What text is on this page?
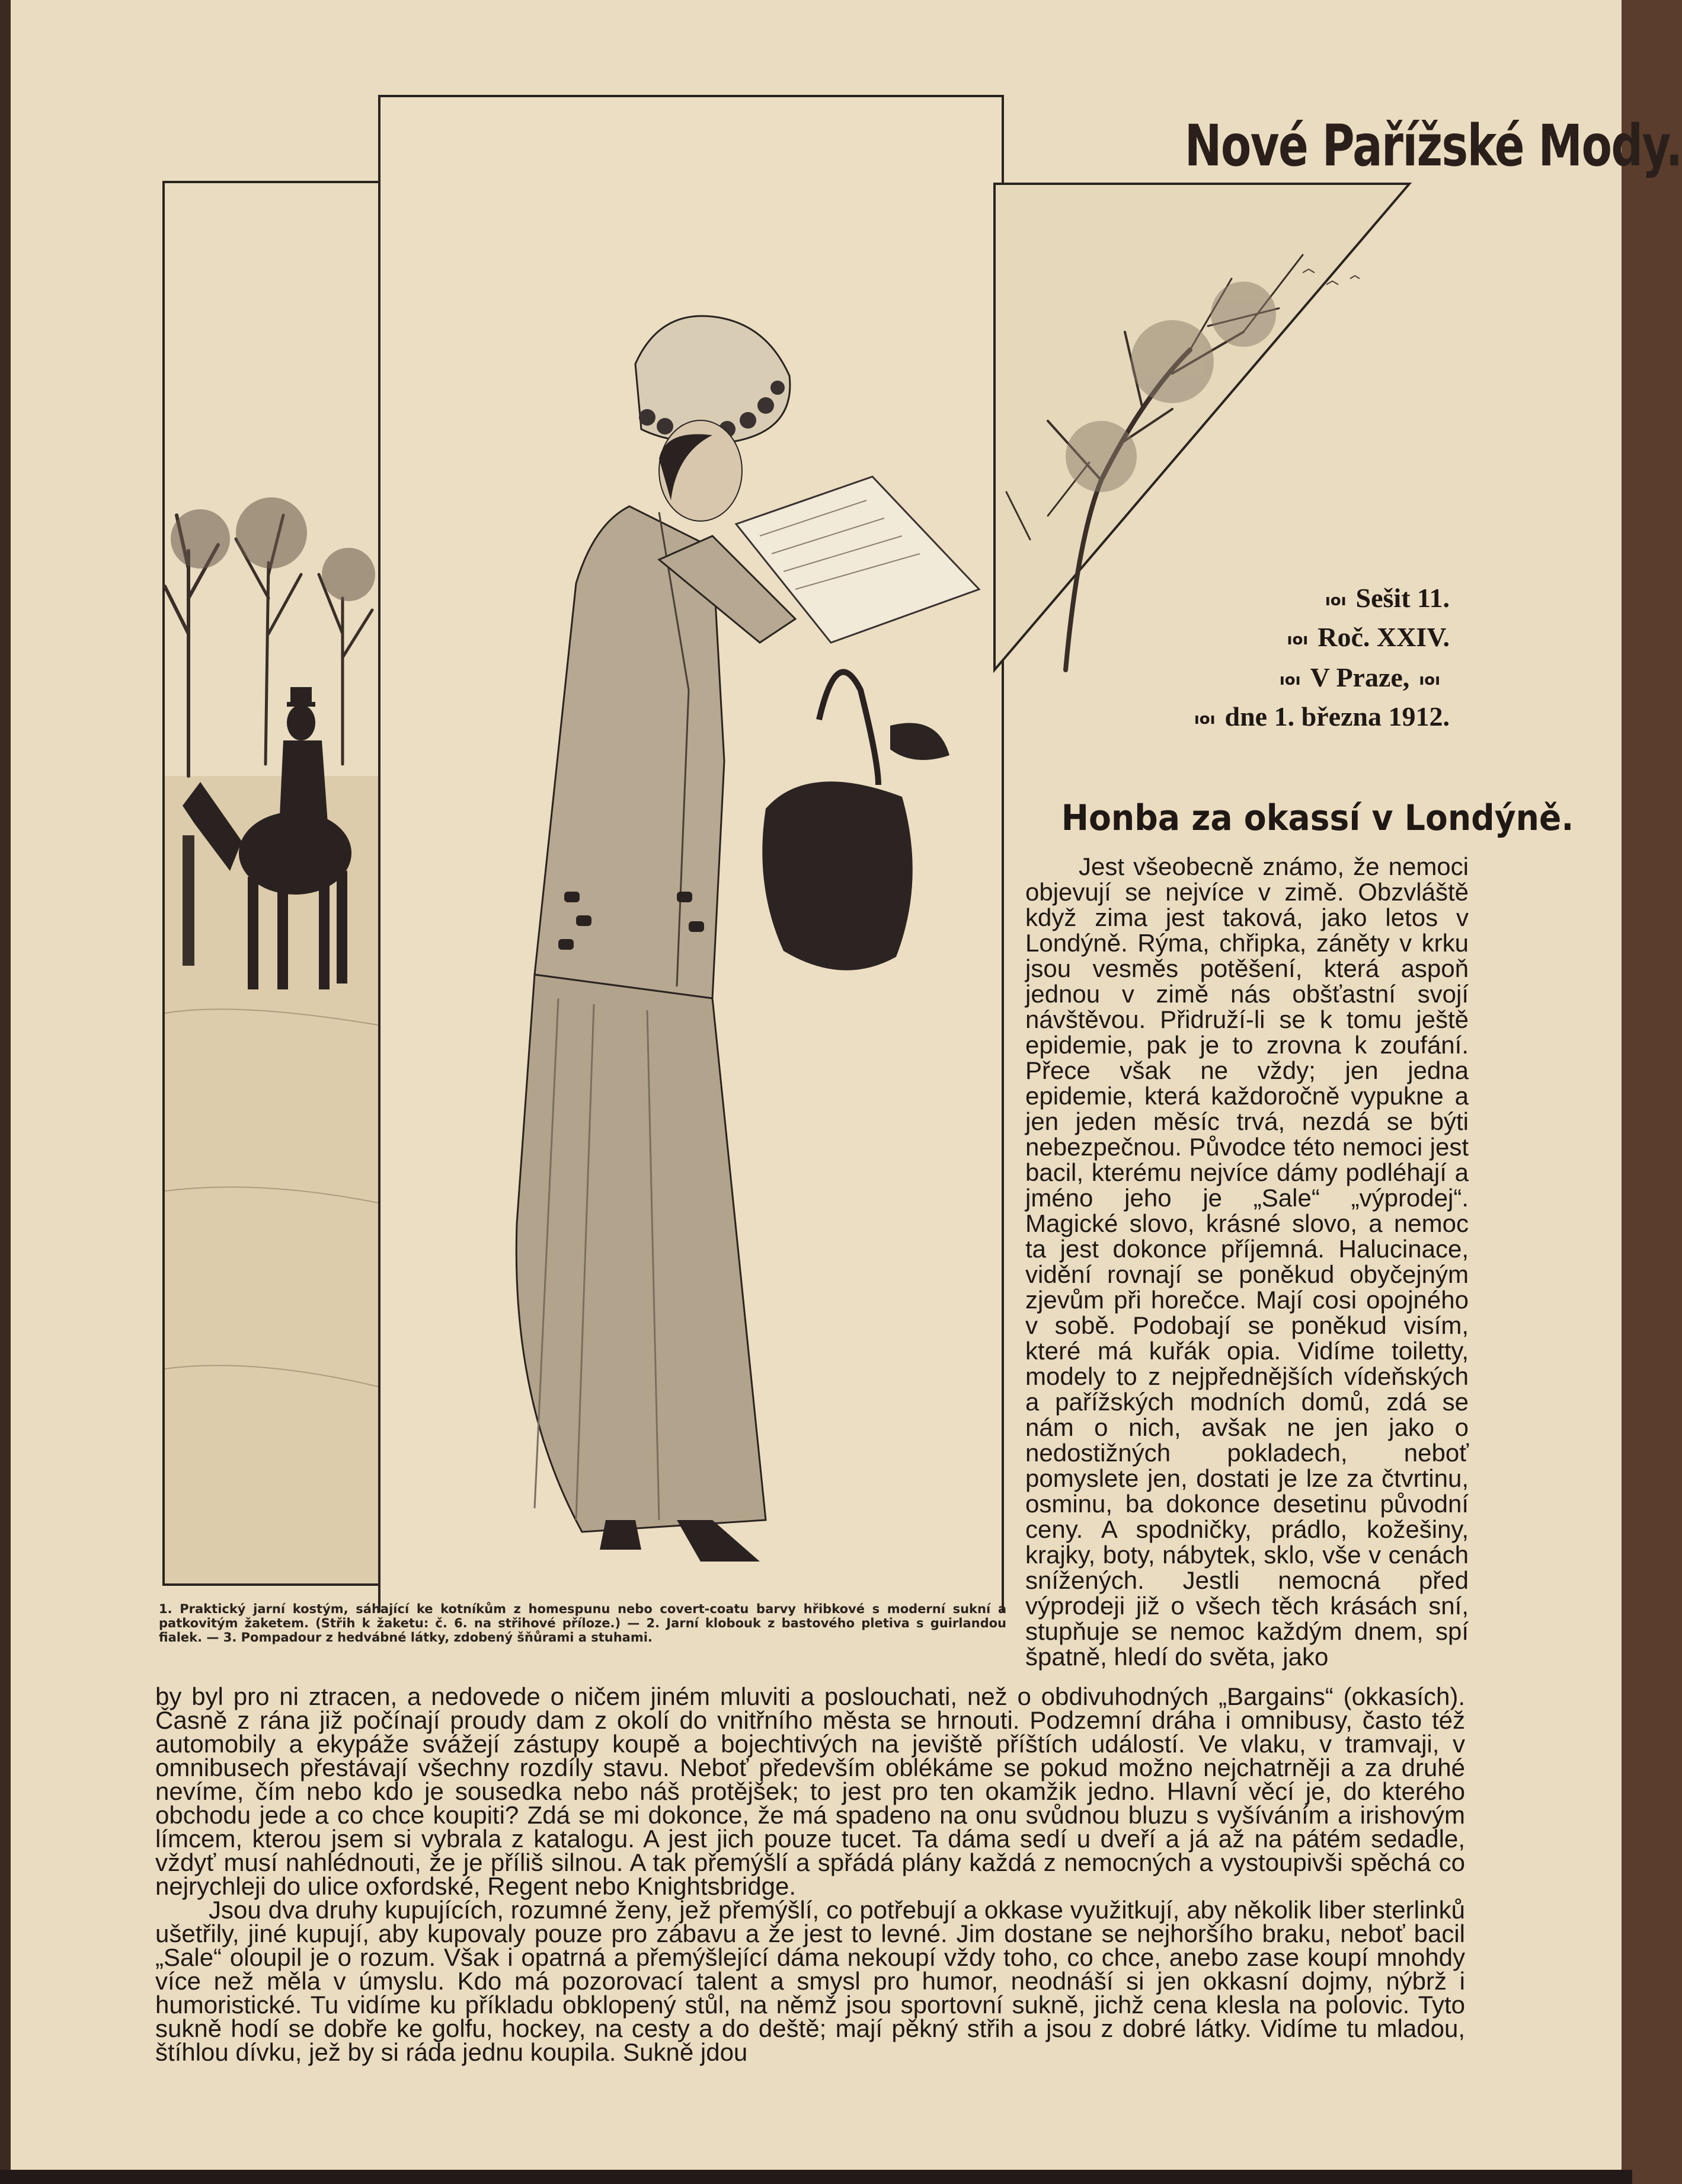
Nové Pařížské Mody.
ıoı Sešit 11.
ıoı Roč. XXIV.
ıoı V Praze, ıoı
ıoı dne 1. března 1912.
Honba za okassí v Londýně.

Jest všeobecně známo, že nemoci objevují se nejvíce v zimě. Obzvláště když zima jest taková, jako letos v Londýně. Rýma, chřipka, záněty v krku jsou vesměs potěšení, která aspoň jednou v zimě nás obšťastní svojí návštěvou. Přidruží-li se k tomu ještě epidemie, pak je to zrovna k zoufání. Přece však ne vždy; jen jedna epidemie, která každoročně vypukne a jen jeden měsíc trvá, nezdá se býti nebezpečnou. Původce této nemoci jest bacil, kterému nejvíce dámy podléhají a jméno jeho je „Sale“ „výprodej“. Magické slovo, krásné slovo, a nemoc ta jest dokonce příjemná. Halucinace, vidění rovnají se poněkud obyčejným zjevům při horečce. Mají cosi opojného v sobě. Podobají se poněkud visím, které má kuřák opia. Vidíme toiletty, modely to z nejpřednějších vídeňských a pařížských modních domů, zdá se nám o nich, avšak ne jen jako o nedostižných pokladech, neboť pomyslete jen, dostati je lze za čtvrtinu, osminu, ba dokonce desetinu původní ceny. A spodničky, prádlo, kožešiny, krajky, boty, nábytek, sklo, vše v cenách snížených. Jestli nemocná před výprodeji již o všech těch krásách sní, stupňuje se nemoc každým dnem, spí špatně, hledí do světa, jako

1. Praktický jarní kostým, sáhající ke kotníkům z homespunu nebo covert-coatu barvy hřibkové s moderní sukní a patkovitým žaketem. (Střih k žaketu: č. 6. na střihové příloze.) — 2. Jarní klobouk z bastového pletiva s guirlandou fialek. — 3. Pompadour z hedvábné látky, zdobený šňůrami a stuhami.

by byl pro ni ztracen, a nedovede o ničem jiném mluviti a poslouchati, než o obdivuhodných „Bargains“ (okkasích). Časně z rána již počínají proudy dam z okolí do vnitřního města se hrnouti. Podzemní dráha i omnibusy, často též automobily a ekypáže svážejí zástupy koupě a bojechtivých na jeviště příštích událostí. Ve vlaku, v tramvaji, v omnibusech přestávají všechny rozdíly stavu. Neboť především oblékáme se pokud možno nejchatrněji a za druhé nevíme, čím nebo kdo je sousedka nebo náš protějšek; to jest pro ten okamžik jedno. Hlavní věcí je, do kterého obchodu jede a co chce koupiti? Zdá se mi dokonce, že má spadeno na onu svůdnou bluzu s vyšíváním a irishovým límcem, kterou jsem si vybrala z katalogu. A jest jich pouze tucet. Ta dáma sedí u dveří a já až na pátém sedadle, vždyť musí nahlédnouti, že je příliš silnou. A tak přemýšlí a spřádá plány každá z nemocných a vystoupivši spěchá co nejrychleji do ulice oxfordské, Regent nebo Knightsbridge.

Jsou dva druhy kupujících, rozumné ženy, jež přemýšlí, co potřebují a okkase využitkují, aby několik liber sterlinků ušetřily, jiné kupují, aby kupovaly pouze pro zábavu a že jest to levné. Jim dostane se nejhoršího braku, neboť bacil „Sale“ oloupil je o rozum. Však i opatrná a přemýšlející dáma nekoupí vždy toho, co chce, anebo zase koupí mnohdy více než měla v úmyslu. Kdo má pozorovací talent a smysl pro humor, neodnáší si jen okkasní dojmy, nýbrž i humoristické. Tu vidíme ku příkladu obklopený stůl, na němž jsou sportovní sukně, jichž cena klesla na polovic. Tyto sukně hodí se dobře ke golfu, hockey, na cesty a do deště; mají pěkný střih a jsou z dobré látky. Vidíme tu mladou, štíhlou dívku, jež by si ráda jednu koupila. Sukně jdou
